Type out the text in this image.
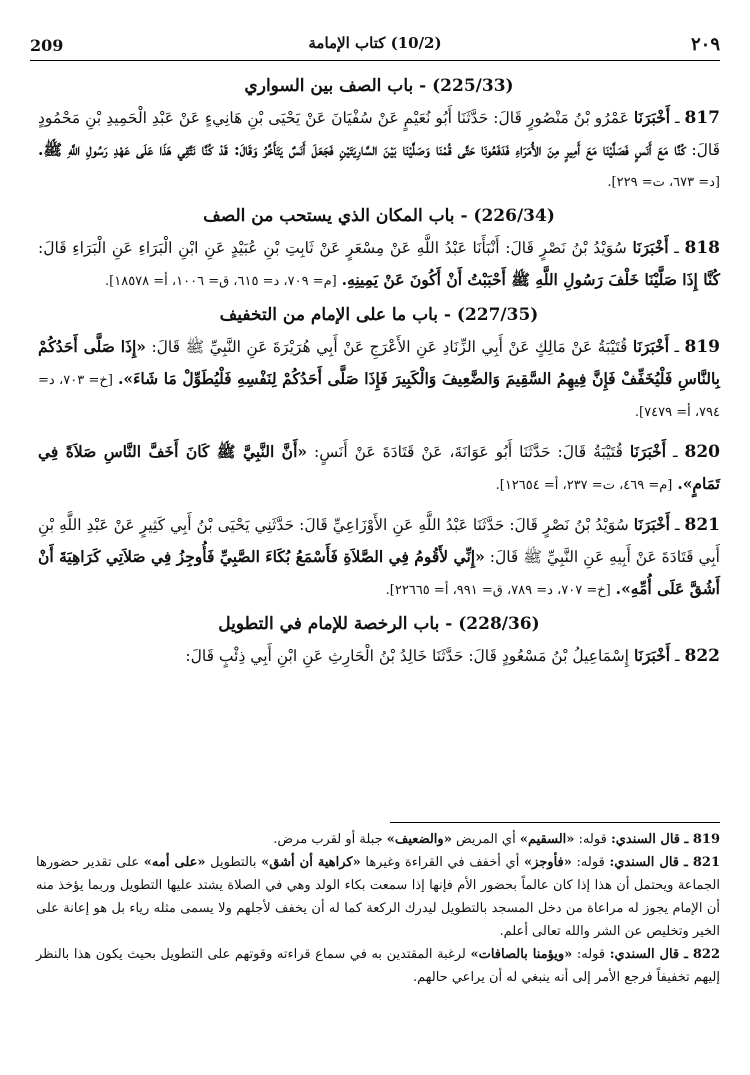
209	(10/2) كتاب الإمامة	٢٠٩
(225/33) - باب الصف بين السواري

817 ـ أَخْبَرَنَا عَمْرُو بْنُ مَنْصُورٍ قَالَ: حَدَّثَنَا أَبُو نُعَيْمٍ عَنْ سُفْيَانَ عَنْ يَحْيَى بْنِ هَانِيءٍ عَنْ عَبْدِ الْحَمِيدِ بْنِ مَحْمُودٍ قَالَ: كُنَّا مَعَ أَنَسٍ فَصَلَّيْنَا مَعَ أَمِيرٍ مِنَ الأُمَرَاءِ فَدَفَعُونَا حَتَّى قُمْنَا وَصَلَّيْنَا بَيْنَ السَّارِيَتَيْنِ فَجَعَلَ أَنَسٌ يَتَأَخَّرُ وَقَالَ: قَدْ كُنَّا نَتَّقِي هَذَا عَلَى عَهْدِ رَسُولِ اللَّهِ ﷺ. [د= ٦٧٣، ت= ٢٢٩].

(226/34) - باب المكان الذي يستحب من الصف

818 ـ أَخْبَرَنَا سُوَيْدُ بْنُ نَصْرٍ قَالَ: أَنْبَأَنَا عَبْدُ اللَّهِ عَنْ مِسْعَرٍ عَنْ ثَابِتِ بْنِ عُبَيْدٍ عَنِ ابْنِ الْبَرَاءِ عَنِ الْبَرَاءِ قَالَ: كُنَّا إِذَا صَلَّيْنَا خَلْفَ رَسُولِ اللَّهِ ﷺ أَحْبَبْتُ أَنْ أَكُونَ عَنْ يَمِينِهِ. [م= ٧٠٩، د= ٦١٥، ق= ١٠٠٦، أ= ١٨٥٧٨].

(227/35) - باب ما على الإمام من التخفيف

819 ـ أَخْبَرَنَا قُتَيْبَةُ عَنْ مَالِكٍ عَنْ أَبِي الزِّنَادِ عَنِ الأَعْرَجِ عَنْ أَبِي هُرَيْرَةَ عَنِ النَّبِيِّ ﷺ قَالَ: «إِذَا صَلَّى أَحَدُكُمْ بِالنَّاسِ فَلْيُخَفِّفْ فَإِنَّ فِيهِمُ السَّقِيمَ وَالضَّعِيفَ وَالْكَبِيرَ فَإِذَا صَلَّى أَحَدُكُمْ لِنَفْسِهِ فَلْيُطَوِّلْ مَا شَاءَ». [خ= ٧٠٣، د= ٧٩٤، أ= ٧٤٧٩].

820 ـ أَخْبَرَنَا قُتَيْبَةُ قَالَ: حَدَّثَنَا أَبُو عَوَانَةَ، عَنْ قَتَادَةَ عَنْ أَنَسٍ: «أَنَّ النَّبِيَّ ﷺ كَانَ أَخَفَّ النَّاسِ صَلاَةً فِي تَمَامٍ». [م= ٤٦٩، ت= ٢٣٧، أ= ١٢٦٥٤].

821 ـ أَخْبَرَنَا سُوَيْدُ بْنُ نَصْرٍ قَالَ: حَدَّثَنَا عَبْدُ اللَّهِ عَنِ الأَوْزَاعِيِّ قَالَ: حَدَّثَنِي يَحْيَى بْنُ أَبِي كَثِيرٍ عَنْ عَبْدِ اللَّهِ بْنِ أَبِي قَتَادَةَ عَنْ أَبِيهِ عَنِ النَّبِيِّ ﷺ قَالَ: «إِنِّي لأَقُومُ فِي الصَّلاَةِ فَأَسْمَعُ بُكَاءَ الصَّبِيِّ فَأُوجِزُ فِي صَلاَتِي كَرَاهِيَةَ أَنْ أَشُقَّ عَلَى أُمِّهِ». [خ= ٧٠٧، د= ٧٨٩، ق= ٩٩١، أ= ٢٢٦٦٥].

(228/36) - باب الرخصة للإمام في التطويل

822 ـ أَخْبَرَنَا إِسْمَاعِيلُ بْنُ مَسْعُودٍ قَالَ: حَدَّثَنَا خَالِدُ بْنُ الْحَارِثِ عَنِ ابْنِ أَبِي ذِئْبٍ قَالَ:

819 ـ قال السندي: قوله: «السقيم» أي المريض «والضعيف» جبلة أو لقرب مرض.

821 ـ قال السندي: قوله: «فأوجز» أي أخفف في القراءة وغيرها «كراهية أن أشق» بالتطويل «على أمه» على تقدير حضورها الجماعة ويحتمل أن هذا إذا كان عالماً بحضور الأم فإنها إذا سمعت بكاء الولد وهي في الصلاة يشتد عليها التطويل وربما يؤخذ منه أن الإمام يجوز له مراعاة من دخل المسجد بالتطويل ليدرك الركعة كما له أن يخفف لأجلهم ولا يسمى مثله رياء بل هو إعانة على الخير وتخليص عن الشر والله تعالى أعلم.

822 ـ قال السندي: قوله: «ويؤمنا بالصافات» لرغبة المقتدين به في سماع قراءته وقوتهم على التطويل بحيث يكون هذا بالنظر إليهم تخفيفاً فرجع الأمر إلى أنه ينبغي له أن يراعي حالهم.
